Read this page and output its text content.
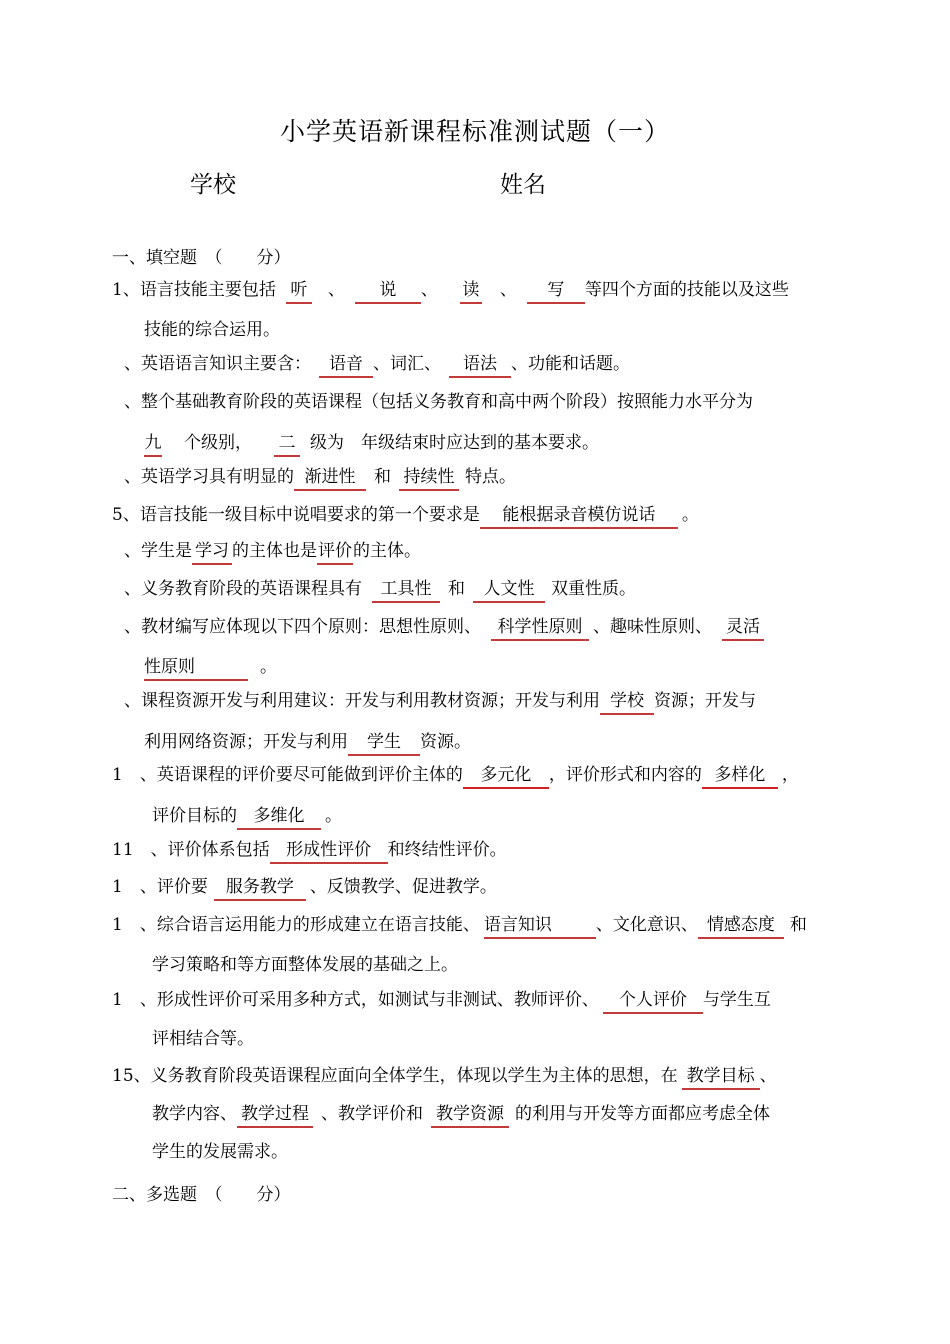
小学英语新课程标准测试题（一）
学校	姓名
一、填空题　（　　分）
1、语言技能主要包括 听 、 说 、 读 、 写 等四个方面的技能以及这些
技能的综合运用。
、英语语言知识主要含： 语音 、词汇、 语法 、功能和话题。
、整个基础教育阶段的英语课程（包括义务教育和高中两个阶段）按照能力水平分为
九 个级别， 二 级为　年级结束时应达到的基本要求。
、英语学习具有明显的 渐进性 和 持续性 特点。
5、语言技能一级目标中说唱要求的第一个要求是 能根据录音模仿说话 。
、学生是 学习 的主体也是评价的主体。
、义务教育阶段的英语课程具有 工具性 和 人文性 双重性质。
、教材编写应体现以下四个原则：思想性原则、 科学性原则 、趣味性原则、 灵活
性原则	。
、课程资源开发与利用建议：开发与利用教材资源；开发与利用 学校 资源；开发与
利用网络资源；开发与利用 学生 资源。
1　、英语课程的评价要尽可能做到评价主体的 多元化 ，评价形式和内容的 多样化 ，
评价目标的 多维化 。
11　、评价体系包括 形成性评价 和终结性评价。
1　、评价要 服务教学 、反馈教学、促进教学。
1　、综合语言运用能力的形成建立在语言技能、 语言知识	、文化意识、 情感态度 和
学习策略和等方面整体发展的基础之上。
1　、形成性评价可采用多种方式，如测试与非测试、教师评价、 个人评价 与学生互
评相结合等。
15、义务教育阶段英语课程应面向全体学生，体现以学生为主体的思想，在 教学目标 、
教学内容、 教学过程 、教学评价和 教学资源 的利用与开发等方面都应考虑全体
学生的发展需求。
二、多选题　（　　分）
